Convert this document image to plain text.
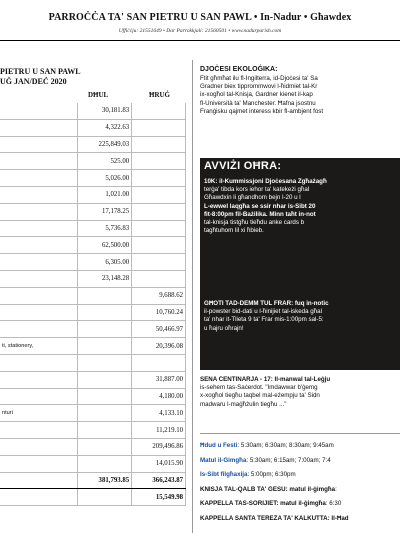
PARROĊĊA TA' SAN PIETRU U SAN PAWL • In-Nadur • Għawdex
Uffiċċju: 21551649 • Dar Parrokkjali: 21560501 • www.nadurparish.com
PIETRU U SAN PAWL
UĠ JAN/DEĊ 2020
DĦUL	ĦRUĠ
	30,181.83	
	4,322.63	
	225,849.03	
	525.00	
	5,026.00	
	1,021.00	
	17,178.25	
	5,736.83	
	62,500.00	
	6,305.00	
	23,148.28	
		9,688.62
		10,760.24
		50,466.97
ti, stationery,		20,396.08

		31,887.00
		4,180.00
nturi		4,133.10
		11,219.10
		209,496.86
		14,015.90
	381,793.85	366,243.87
		15,549.98
DJOĊESI EKOLOĠIKA:
Ftit għmħat ilu fl-Ingilterra, id-Djoċesi ta' Sa
Gradner biex tipprommwovi l-ħidmiet tal-Kr
ix-xogħol tal-Knisja, Gardner kienet il-kap
fl-Università ta' Manchester. Ħafna jsostnu
Franġisku qajmet interess kbir fl-ambjent fost
AVVIŻI OĦRA:
10K: il-Kummissjoni Djoċesana Żgħażagħ
terġa' tibda kors iehor ta' katekeżi għal
Għawdxin li għandhom bejn l-20 u l
L-ewwel laqgħa se ssir nhar is-Sibt 20
fit-8:00pm fil-Bażilika. Minn taħt in-not
tal-knisja tistgħu tieħdu anke cards b
tagħtuhom lil xi ħbieb.
GĦOTI TAD-DEMM TUL FRAR: fuq in-notic
il-powster bid-dati u l-ħinijiet tal-iskeda għal
ta' nhar it-Tlieta 9 ta' Frar mis-1:00pm sal-5:
u ħajru oħrajn!
SENA ĊENTINARJA - 17: Il-manwal tal-Leġju
is-sehem tas-Saċerdot. "Imdawwar b'ġemg
x-xogħol tiegħu taqbel mal-eżempju ta' Sidn
madwaru l-maġħżulin tiegħu ..."
Ħdud u Festi: 5:30am; 6:30am; 8:30am; 9:45am
Matul il-Ġimgħa: 5:30am; 6:15am; 7:00am; 7:4
Is-Sibt filgħaxija: 5:00pm; 6:30pm
KNISJA TAL-QALB TA' ĠESÙ: matul il-ġimgħa:
KAPPELLA TAS-SORIJIET: matul il-ġimgħa: 6:30
KAPPELLA SANTA TEREŻA TA' KALKUTTA: Il-Ħad
